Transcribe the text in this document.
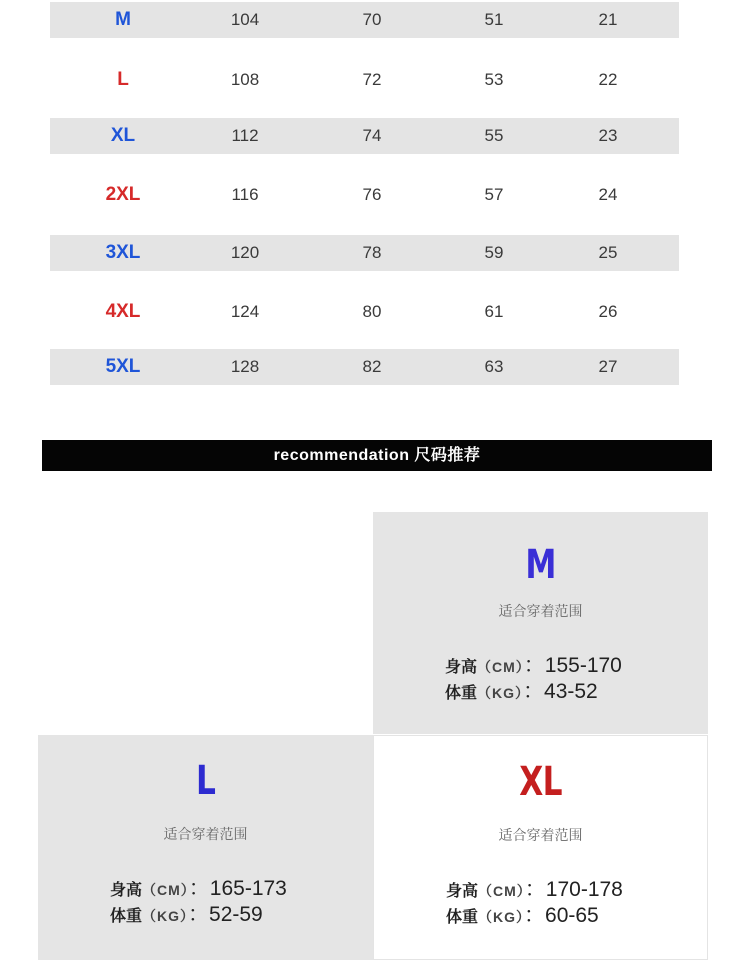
M	104	70	51	21
L	108	72	53	22
XL	112	74	55	23
2XL	116	76	57	24
3XL	120	78	59	25
4XL	124	80	61	26
5XL	128	82	63	27
recommendation 尺码推荐
M
适合穿着范围
身高（CM）：155-170
体重（KG）：43-52
L
适合穿着范围
身高（CM）：165-173
体重（KG）：52-59
XL
适合穿着范围
身高（CM）：170-178
体重（KG）：60-65
